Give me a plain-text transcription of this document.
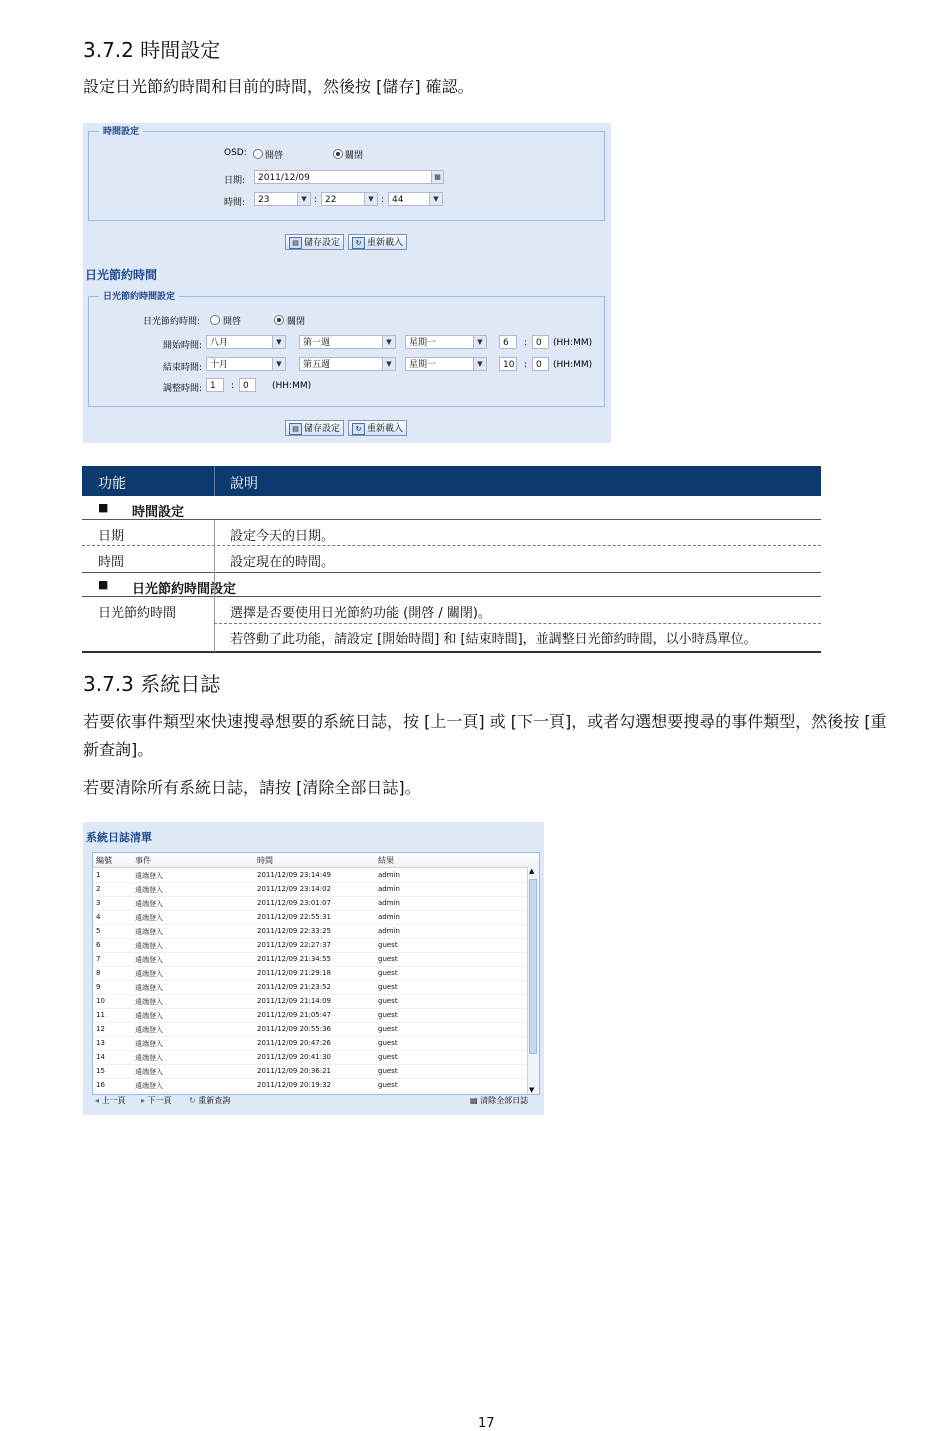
3.7.2 時間設定
設定日光節約時間和目前的時間，然後按 [儲存] 確認。
時間設定
OSD: 開啓	關閉
日期:	2011/12/09	▦
時間:	23	▼ : 22	▼ : 44	▼
▤ 儲存設定	↻ 重新載入
日光節約時間
日光節約時間設定
日光節約時間:	開啓	關閉
開始時間: 八月	▼	第一週	▼	星期一	▼	6	: 0	(HH:MM)
結束時間: 十月	▼	第五週	▼	星期一	▼	10 : 0	(HH:MM)
調整時間: 1	: 0	(HH:MM)
▤ 儲存設定	↻ 重新載入
功能	說明
■ 時間設定
日期	設定今天的日期。
時間	設定現在的時間。
■ 日光節約時間設定
日光節約時間	選擇是否要使用日光節約功能 (開啓 / 關閉)。
若啓動了此功能，請設定 [開始時間] 和 [結束時間]，並調整日光節約時間，以小時爲單位。
3.7.3 系統日誌
若要依事件類型來快速搜尋想要的系統日誌，按 [上一頁] 或 [下一頁]，或者勾選想要搜尋的事件類型，然後按 [重
新查詢]。
若要清除所有系統日誌，請按 [清除全部日誌]。
系統日誌清單
編號	事件	時間	結果
1	遠端登入	2011/12/09 23:14:49	admin
2	遠端登入	2011/12/09 23:14:02	admin
3	遠端登入	2011/12/09 23:01:07	admin
4	遠端登入	2011/12/09 22:55:31	admin
5	遠端登入	2011/12/09 22:33:25	admin
6	遠端登入	2011/12/09 22:27:37	guest
7	遠端登入	2011/12/09 21:34:55	guest
8	遠端登入	2011/12/09 21:29:18	guest
9	遠端登入	2011/12/09 21:23:52	guest
10	遠端登入	2011/12/09 21:14:09	guest
11	遠端登入	2011/12/09 21:05:47	guest
12	遠端登入	2011/12/09 20:55:36	guest
13	遠端登入	2011/12/09 20:47:26	guest
14	遠端登入	2011/12/09 20:41:30	guest
15	遠端登入	2011/12/09 20:36:21	guest
16	遠端登入	2011/12/09 20:19:32	guest
▲
▼
◂ 上一頁 ▸ 下一頁 ↻ 重新查詢	▤ 清除全部日誌
17
